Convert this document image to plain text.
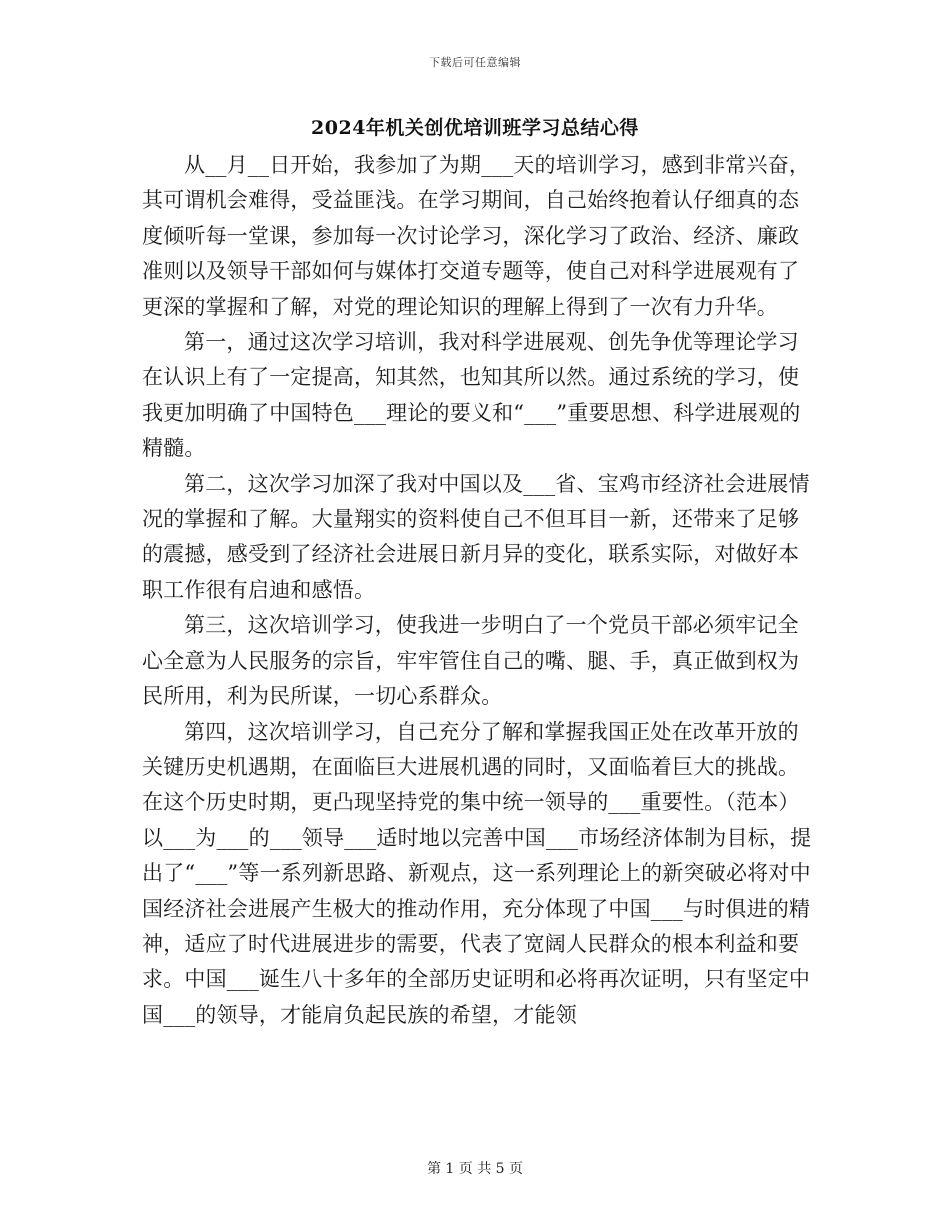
下载后可任意编辑
2024年机关创优培训班学习总结心得

从__月__日开始，我参加了为期___天的培训学习，感到非常兴奋，其可谓机会难得，受益匪浅。在学习期间，自己始终抱着认仔细真的态度倾听每一堂课，参加每一次讨论学习，深化学习了政治、经济、廉政准则以及领导干部如何与媒体打交道专题等，使自己对科学进展观有了更深的掌握和了解，对党的理论知识的理解上得到了一次有力升华。

第一，通过这次学习培训，我对科学进展观、创先争优等理论学习在认识上有了一定提高，知其然，也知其所以然。通过系统的学习，使我更加明确了中国特色___理论的要义和“___”重要思想、科学进展观的精髓。

第二，这次学习加深了我对中国以及___省、宝鸡市经济社会进展情况的掌握和了解。大量翔实的资料使自己不但耳目一新，还带来了足够的震撼，感受到了经济社会进展日新月异的变化，联系实际，对做好本职工作很有启迪和感悟。

第三，这次培训学习，使我进一步明白了一个党员干部必须牢记全心全意为人民服务的宗旨，牢牢管住自己的嘴、腿、手，真正做到权为民所用，利为民所谋，一切心系群众。

第四，这次培训学习，自己充分了解和掌握我国正处在改革开放的关键历史机遇期，在面临巨大进展机遇的同时，又面临着巨大的挑战。在这个历史时期，更凸现坚持党的集中统一领导的___重要性。（范本）以___为___的___领导___适时地以完善中国___市场经济体制为目标，提出了“___”等一系列新思路、新观点，这一系列理论上的新突破必将对中国经济社会进展产生极大的推动作用，充分体现了中国___与时俱进的精神，适应了时代进展进步的需要，代表了宽阔人民群众的根本利益和要求。中国___诞生八十多年的全部历史证明和必将再次证明，只有坚定中国___的领导，才能肩负起民族的希望，才能领

第 1 页 共 5 页
